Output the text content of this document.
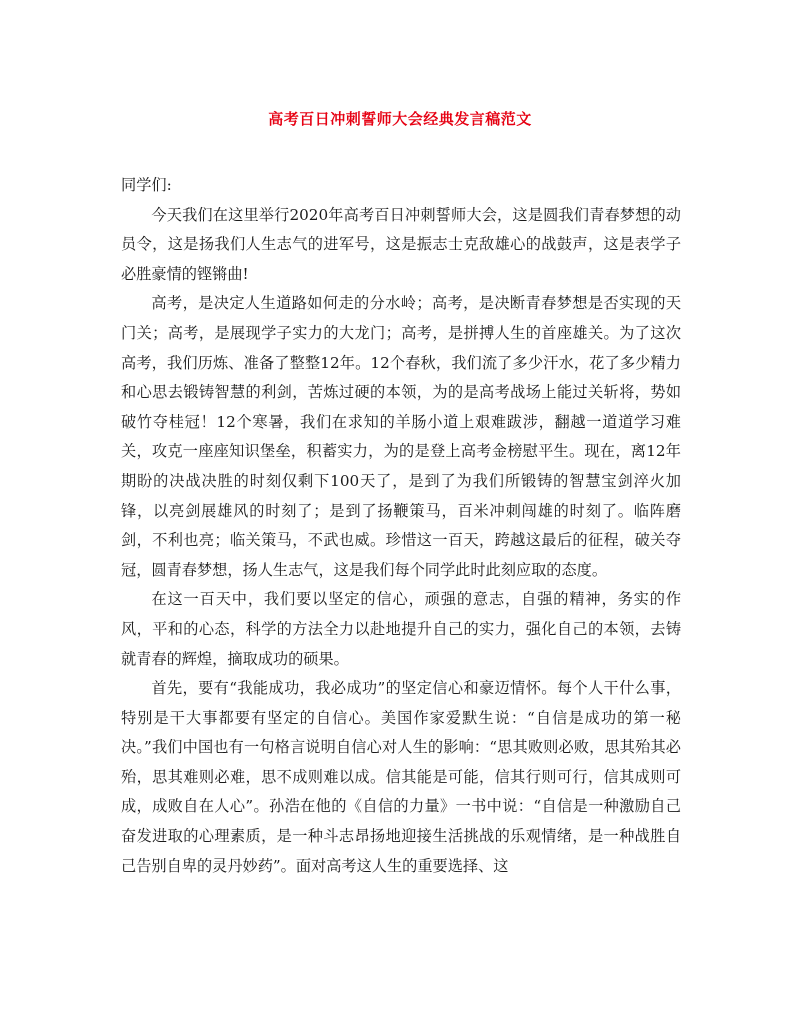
高考百日冲刺誓师大会经典发言稿范文

同学们:

今天我们在这里举行2020年高考百日冲刺誓师大会，这是圆我们青春梦想的动员令，这是扬我们人生志气的进军号，这是振志士克敌雄心的战鼓声，这是表学子必胜豪情的铿锵曲!

高考，是决定人生道路如何走的分水岭；高考，是决断青春梦想是否实现的天门关；高考，是展现学子实力的大龙门；高考，是拼搏人生的首座雄关。为了这次高考，我们历炼、准备了整整12年。12个春秋，我们流了多少汗水，花了多少精力和心思去锻铸智慧的利剑，苦炼过硬的本领，为的是高考战场上能过关斩将，势如破竹夺桂冠！12个寒暑，我们在求知的羊肠小道上艰难跋涉，翻越一道道学习难关，攻克一座座知识堡垒，积蓄实力，为的是登上高考金榜慰平生。现在，离12年期盼的决战决胜的时刻仅剩下100天了，是到了为我们所锻铸的智慧宝剑淬火加锋，以亮剑展雄风的时刻了；是到了扬鞭策马，百米冲刺闯雄的时刻了。临阵磨剑，不利也亮；临关策马，不武也威。珍惜这一百天，跨越这最后的征程，破关夺冠，圆青春梦想，扬人生志气，这是我们每个同学此时此刻应取的态度。

在这一百天中，我们要以坚定的信心，顽强的意志，自强的精神，务实的作风，平和的心态，科学的方法全力以赴地提升自己的实力，强化自己的本领，去铸就青春的辉煌，摘取成功的硕果。

首先，要有“我能成功，我必成功”的坚定信心和豪迈情怀。每个人干什么事，特别是干大事都要有坚定的自信心。美国作家爱默生说：“自信是成功的第一秘决。”我们中国也有一句格言说明自信心对人生的影响：“思其败则必败，思其殆其必殆，思其难则必难，思不成则难以成。信其能是可能，信其行则可行，信其成则可成，成败自在人心”。孙浩在他的《自信的力量》一书中说：“自信是一种激励自己奋发进取的心理素质，是一种斗志昂扬地迎接生活挑战的乐观情绪，是一种战胜自己告别自卑的灵丹妙药”。面对高考这人生的重要选择、这
